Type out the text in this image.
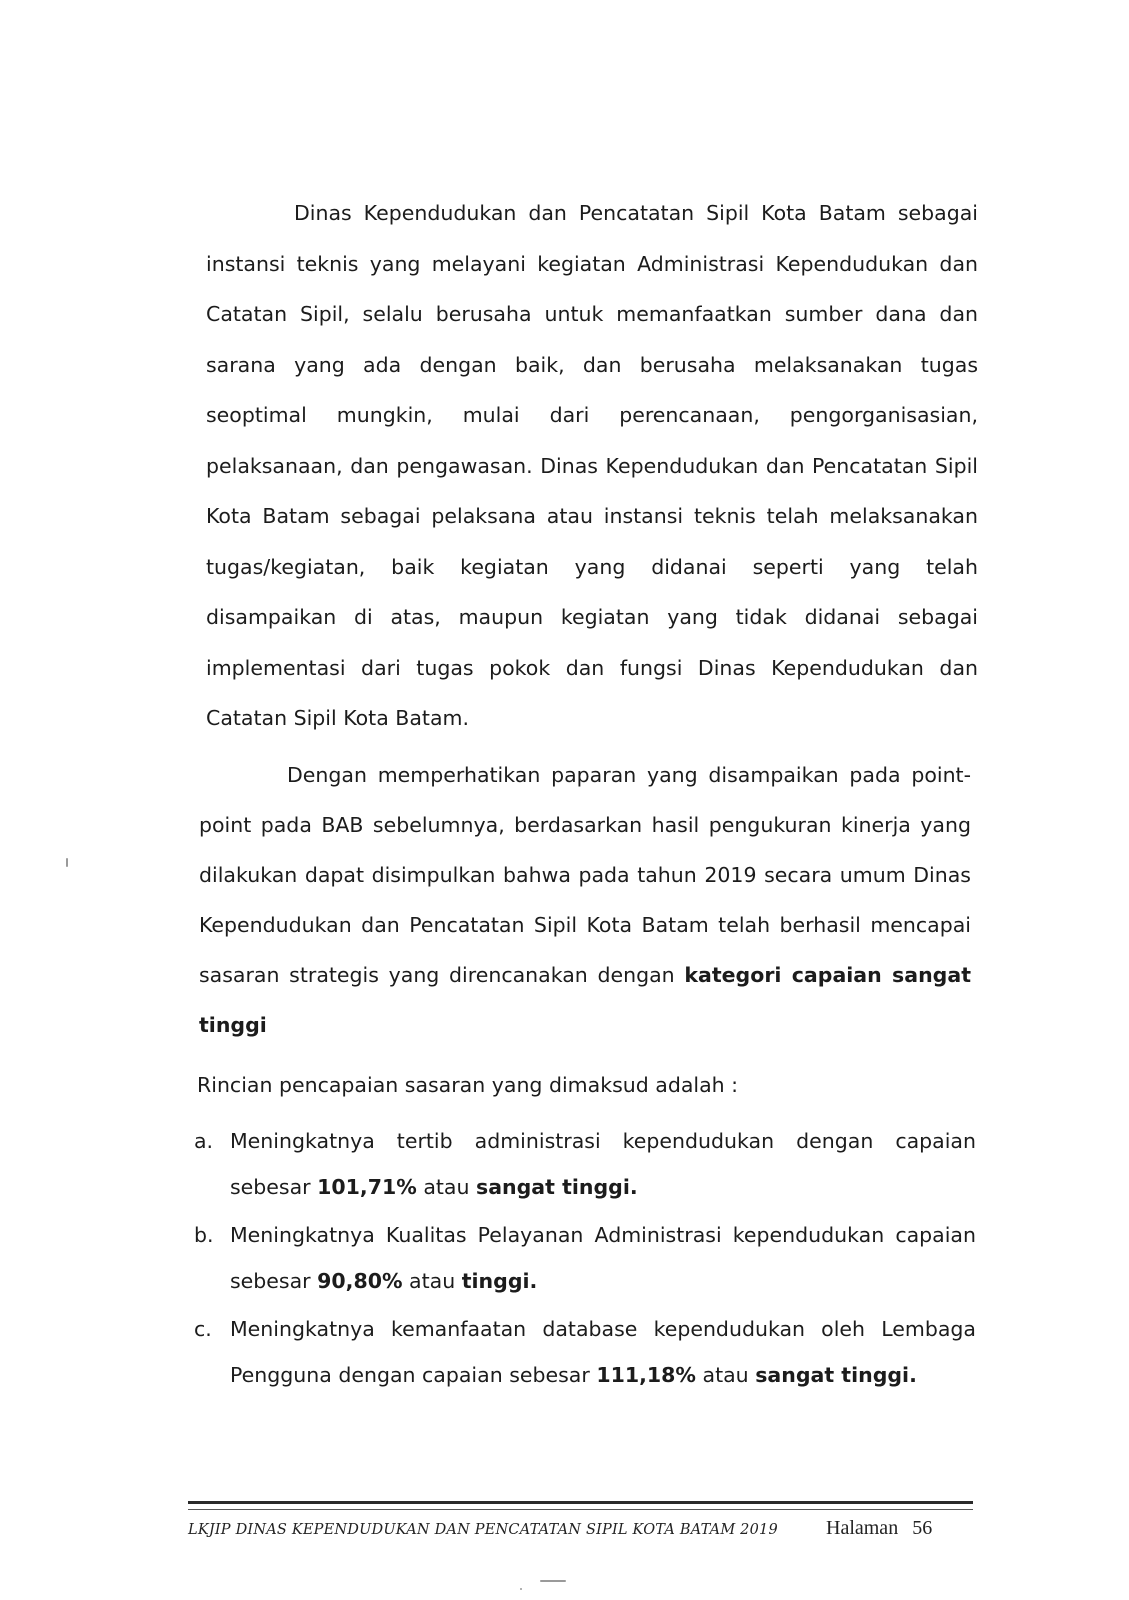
Dinas Kependudukan dan Pencatatan Sipil Kota Batam sebagai instansi teknis yang melayani kegiatan Administrasi Kependudukan dan Catatan Sipil, selalu berusaha untuk memanfaatkan sumber dana dan sarana yang ada dengan baik, dan berusaha melaksanakan tugas seoptimal mungkin, mulai dari perencanaan, pengorganisasian, pelaksanaan, dan pengawasan. Dinas Kependudukan dan Pencatatan Sipil Kota Batam sebagai pelaksana atau instansi teknis telah melaksanakan tugas/kegiatan, baik kegiatan yang didanai seperti yang telah disampaikan di atas, maupun kegiatan yang tidak didanai sebagai implementasi dari tugas pokok dan fungsi Dinas Kependudukan dan Catatan Sipil Kota Batam.

Dengan memperhatikan paparan yang disampaikan pada point-point pada BAB sebelumnya, berdasarkan hasil pengukuran kinerja yang dilakukan dapat disimpulkan bahwa pada tahun 2019 secara umum Dinas Kependudukan dan Pencatatan Sipil Kota Batam telah berhasil mencapai sasaran strategis yang direncanakan dengan kategori capaian sangat tinggi

Rincian pencapaian sasaran yang dimaksud adalah :

a. Meningkatnya tertib administrasi kependudukan dengan capaian sebesar 101,71% atau sangat tinggi.
b. Meningkatnya Kualitas Pelayanan Administrasi kependudukan capaian sebesar 90,80% atau tinggi.
c. Meningkatnya kemanfaatan database kependudukan oleh Lembaga Pengguna dengan capaian sebesar 111,18% atau sangat tinggi.
LKJIP DINAS KEPENDUDUKAN DAN PENCATATAN SIPIL KOTA BATAM 2019 Halaman 56
